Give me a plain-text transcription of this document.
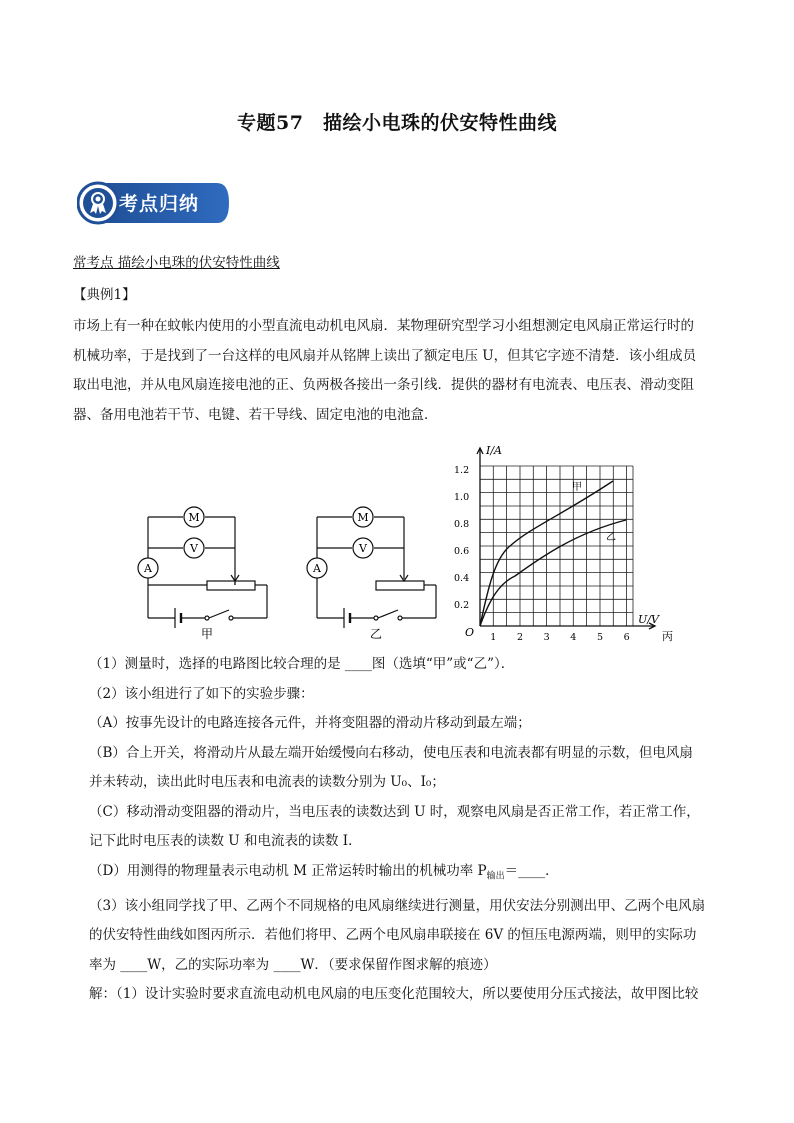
专题57　描绘小电珠的伏安特性曲线
考点归纳
常考点 描绘小电珠的伏安特性曲线
【典例1】
市场上有一种在蚊帐内使用的小型直流电动机电风扇．某物理研究型学习小组想测定电风扇正常运行时的
机械功率，于是找到了一台这样的电风扇并从铭牌上读出了额定电压 U，但其它字迹不清楚．该小组成员
取出电池，并从电风扇连接电池的正、负两极各接出一条引线．提供的器材有电流表、电压表、滑动变阻
器、备用电池若干节、电键、若干导线、固定电池的电池盒．
M
V
A
甲
M
V
A
乙
甲
乙
0.2
0.4
0.6
0.8
1.0
1.2
1 2 3 4 5 6
O
I/A
U/V
丙
（1）测量时，选择的电路图比较合理的是 ____图（选填“甲”或“乙”）．
（2）该小组进行了如下的实验步骤：
（A）按事先设计的电路连接各元件，并将变阻器的滑动片移动到最左端；
（B）合上开关，将滑动片从最左端开始缓慢向右移动，使电压表和电流表都有明显的示数，但电风扇
并未转动，读出此时电压表和电流表的读数分别为 U₀、I₀；
（C）移动滑动变阻器的滑动片，当电压表的读数达到 U 时，观察电风扇是否正常工作，若正常工作，
记下此时电压表的读数 U 和电流表的读数 I．
（D）用测得的物理量表示电动机 M 正常运转时输出的机械功率 $P_{输出}=\_\_\_\_$．
（3）该小组同学找了甲、乙两个不同规格的电风扇继续进行测量，用伏安法分别测出甲、乙两个电风扇
的伏安特性曲线如图丙所示．若他们将甲、乙两个电风扇串联接在 6V 的恒压电源两端，则甲的实际功
率为 ____W，乙的实际功率为 ____W．（要求保留作图求解的痕迹）
解：（1）设计实验时要求直流电动机电风扇的电压变化范围较大，所以要使用分压式接法，故甲图比较
